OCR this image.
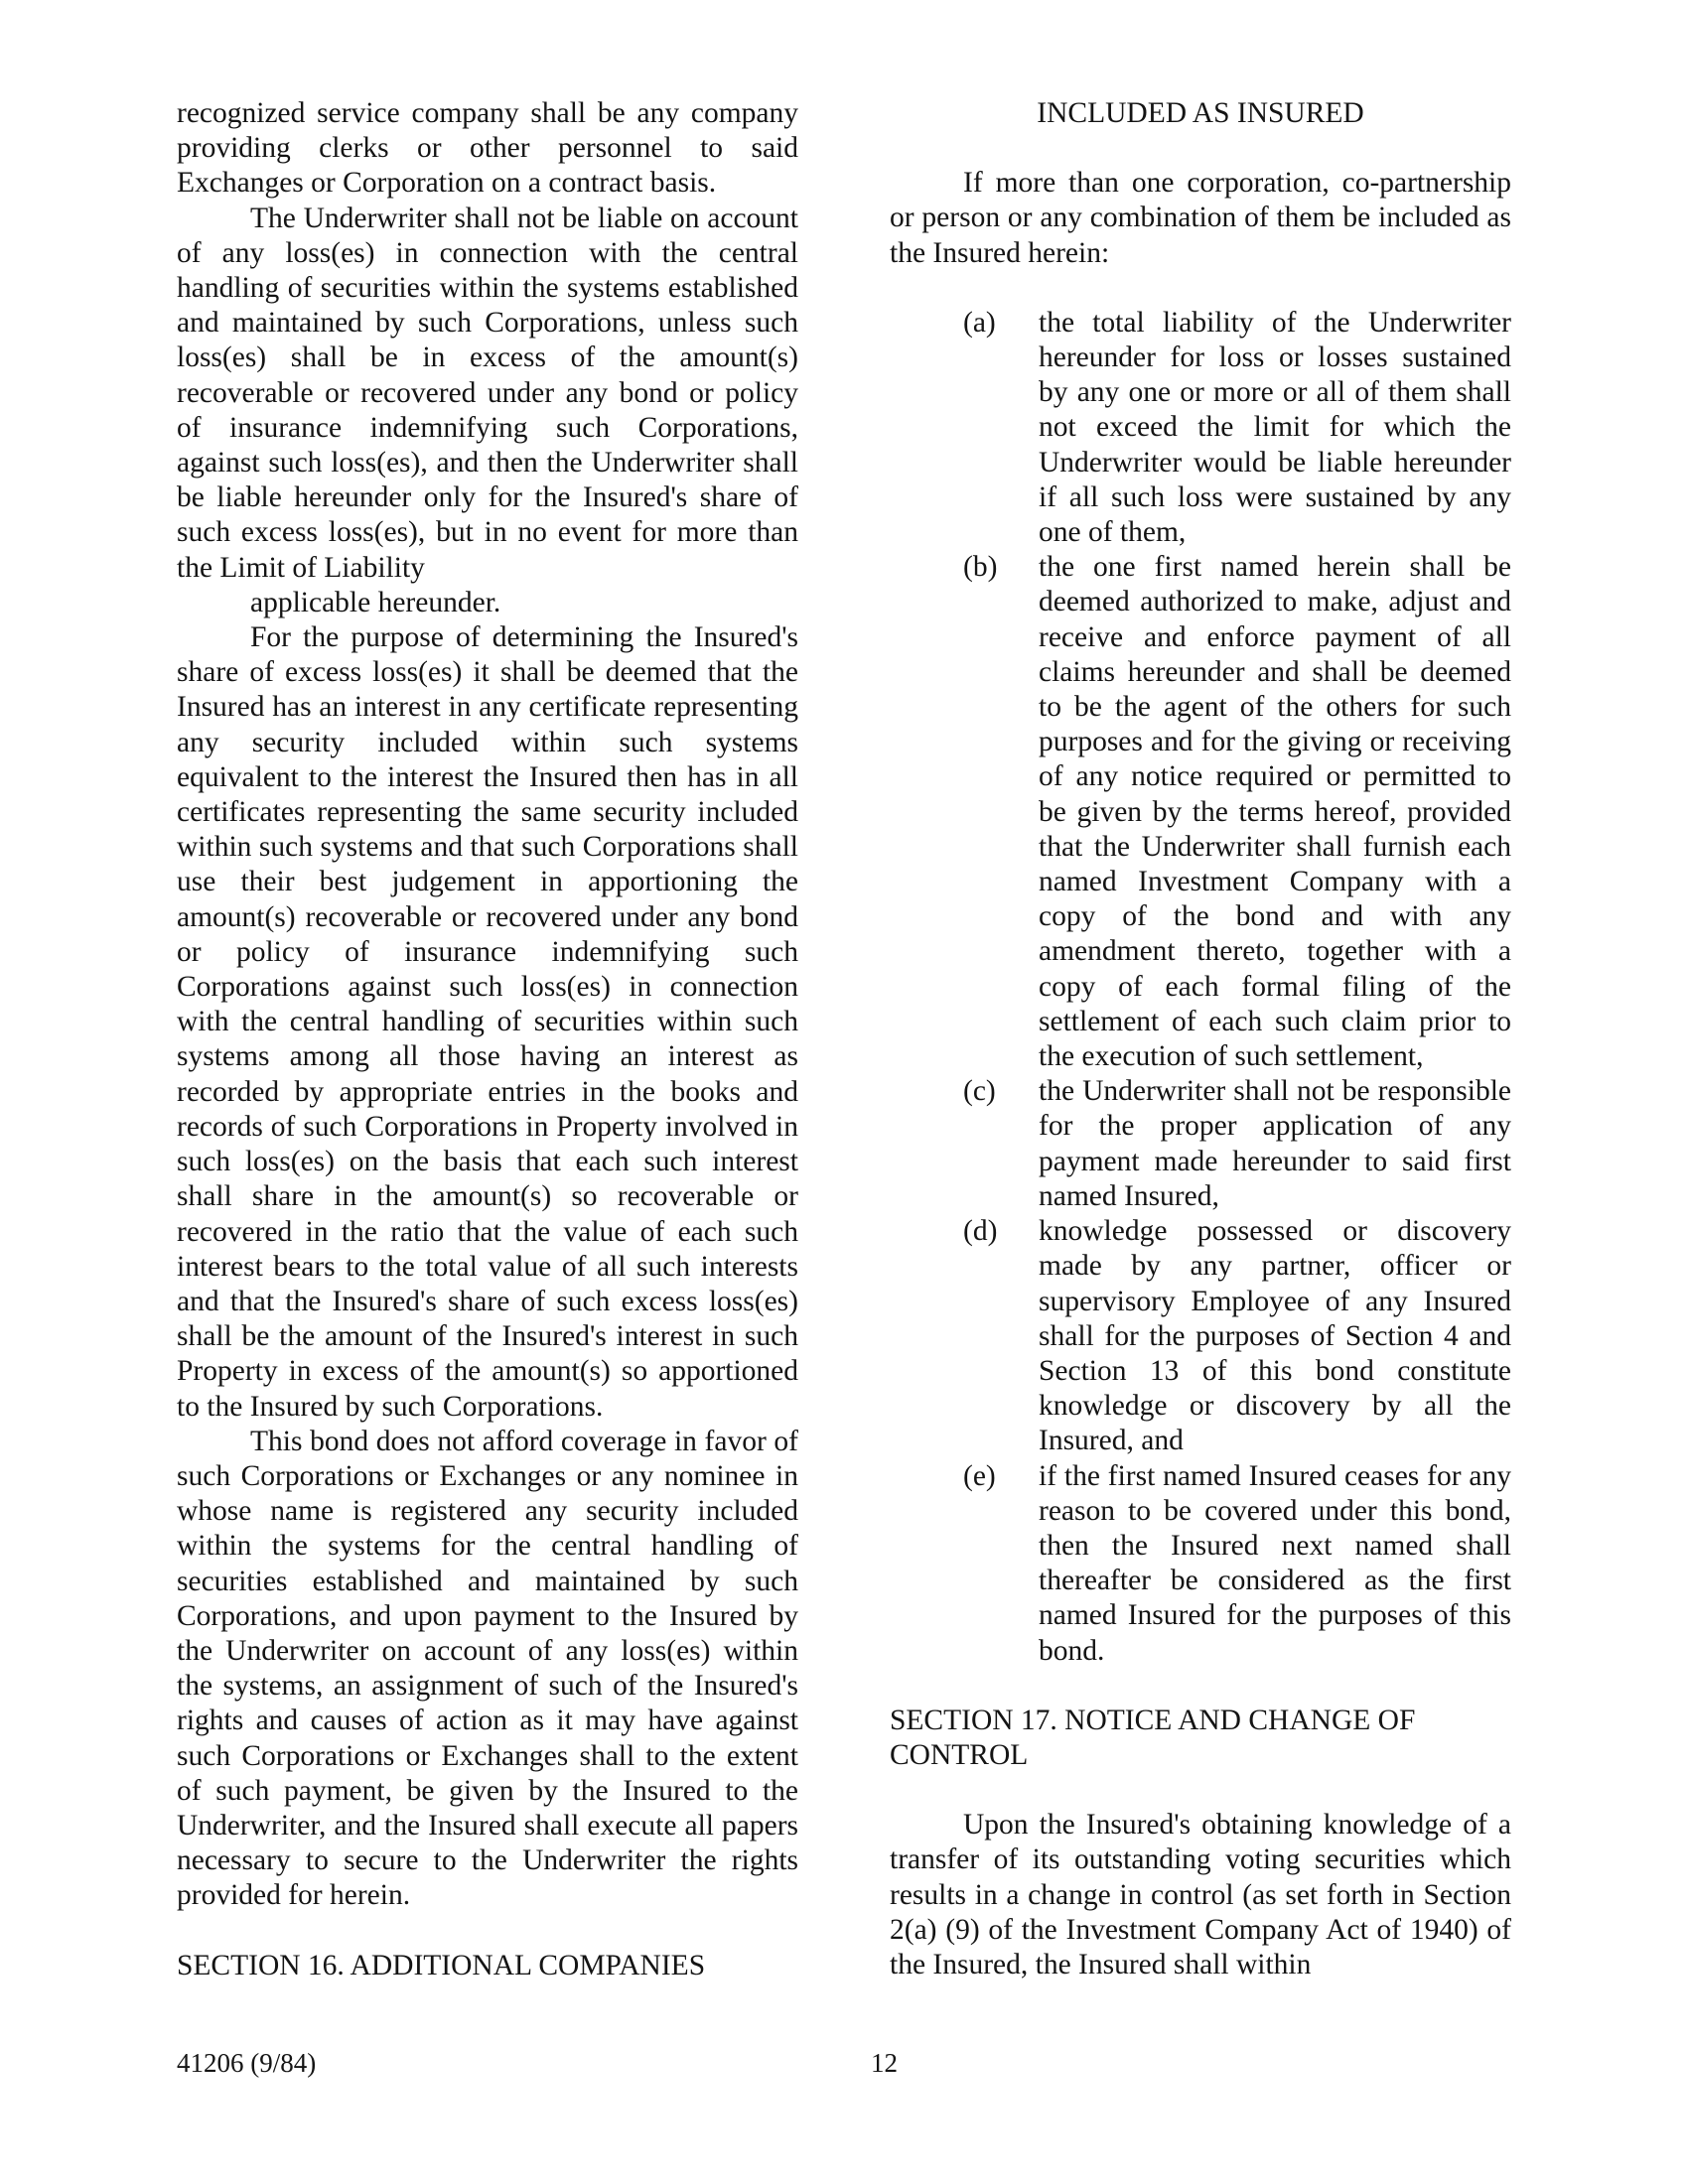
recognized service company shall be any company providing clerks or other personnel to said Exchanges or Corporation on a contract basis.

The Underwriter shall not be liable on account of any loss(es) in connection with the central handling of securities within the systems established and maintained by such Corporations, unless such loss(es) shall be in excess of the amount(s) recoverable or recovered under any bond or policy of insurance indemnifying such Corporations, against such loss(es), and then the Underwriter shall be liable hereunder only for the Insured's share of such excess loss(es), but in no event for more than the Limit of Liability
applicable hereunder.

For the purpose of determining the Insured's share of excess loss(es) it shall be deemed that the Insured has an interest in any certificate representing any security included within such systems equivalent to the interest the Insured then has in all certificates representing the same security included within such systems and that such Corporations shall use their best judgement in apportioning the amount(s) recoverable or recovered under any bond or policy of insurance indemnifying such Corporations against such loss(es) in connection with the central handling of securities within such systems among all those having an interest as recorded by appropriate entries in the books and records of such Corporations in Property involved in such loss(es) on the basis that each such interest shall share in the amount(s) so recoverable or recovered in the ratio that the value of each such interest bears to the total value of all such interests and that the Insured's share of such excess loss(es) shall be the amount of the Insured's interest in such Property in excess of the amount(s) so apportioned to the Insured by such Corporations.

This bond does not afford coverage in favor of such Corporations or Exchanges or any nominee in whose name is registered any security included within the systems for the central handling of securities established and maintained by such Corporations, and upon payment to the Insured by the Underwriter on account of any loss(es) within the systems, an assignment of such of the Insured's rights and causes of action as it may have against such Corporations or Exchanges shall to the extent of such payment, be given by the Insured to the Underwriter, and the Insured shall execute all papers necessary to secure to the Underwriter the rights provided for herein.

SECTION 16. ADDITIONAL COMPANIES

INCLUDED AS INSURED

If more than one corporation, co-partnership or person or any combination of them be included as the Insured herein:

(a) the total liability of the Underwriter hereunder for loss or losses sustained by any one or more or all of them shall not exceed the limit for which the Underwriter would be liable hereunder if all such loss were sustained by any one of them,
(b) the one first named herein shall be deemed authorized to make, adjust and receive and enforce payment of all claims hereunder and shall be deemed to be the agent of the others for such purposes and for the giving or receiving of any notice required or permitted to be given by the terms hereof, provided that the Underwriter shall furnish each named Investment Company with a copy of the bond and with any amendment thereto, together with a copy of each formal filing of the settlement of each such claim prior to the execution of such settlement,
(c) the Underwriter shall not be responsible for the proper application of any payment made hereunder to said first named Insured,
(d) knowledge possessed or discovery made by any partner, officer or supervisory Employee of any Insured shall for the purposes of Section 4 and Section 13 of this bond constitute knowledge or discovery by all the Insured, and
(e) if the first named Insured ceases for any reason to be covered under this bond, then the Insured next named shall thereafter be considered as the first named Insured for the purposes of this bond.

SECTION 17. NOTICE AND CHANGE OF CONTROL

Upon the Insured's obtaining knowledge of a transfer of its outstanding voting securities which results in a change in control (as set forth in Section 2(a) (9) of the Investment Company Act of 1940) of the Insured, the Insured shall within

41206 (9/84)	12
